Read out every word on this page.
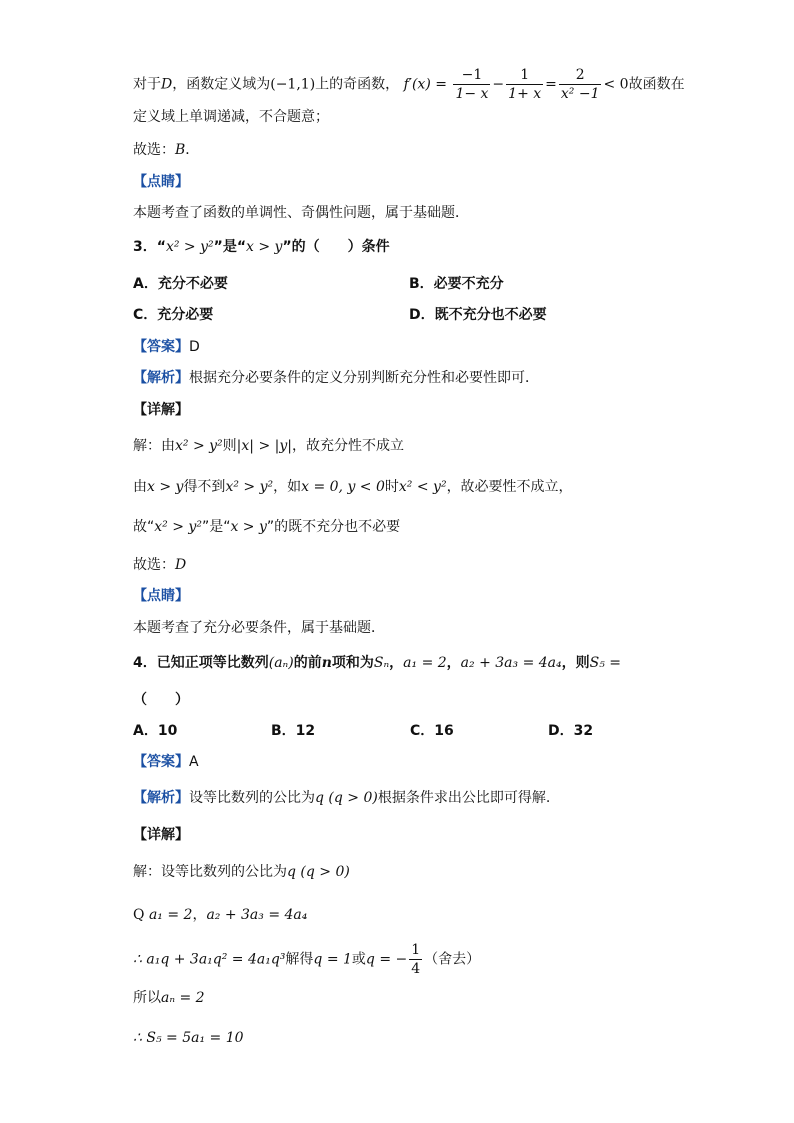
对于D，函数定义域为(−1,1)上的奇函数， $f'(x) = \frac{-1}{1- x} - \frac{1}{1+ x} = \frac{2}{\text{x² −1}} < 0$故函数在
定义域上单调递减，不合题意；
故选：B．
【点睛】
本题考查了函数的单调性、奇偶性问题，属于基础题．
3．“x² > y²”是“x > y”的（　　）条件
A．充分不必要	B．必要不充分
C．充分必要	D．既不充分也不必要
【答案】D
【解析】根据充分必要条件的定义分别判断充分性和必要性即可．
【详解】
解：由x² > y²则|x| > |y|，故充分性不成立
由x > y得不到x² > y²，如x = 0, y < 0时x² < y²，故必要性不成立，
故“x² > y²”是“x > y”的既不充分也不必要
故选：D
【点睛】
本题考查了充分必要条件，属于基础题．
4．已知正项等比数列(aₙ)的前n项和为Sₙ，a₁ = 2，a₂ + 3a₃ = 4a₄，则S₅ =
（　　）
A．10	B．12	C．16	D．32
【答案】A
【解析】设等比数列的公比为q (q > 0)根据条件求出公比即可得解.
【详解】
解：设等比数列的公比为q (q > 0)
Q a₁ = 2，a₂ + 3a₃ = 4a₄
∴ a₁q + 3a₁q² = 4a₁q³解得q = 1或q = − $\frac{1}{4}$ （舍去）
所以aₙ = 2
∴ S₅ = 5a₁ = 10
